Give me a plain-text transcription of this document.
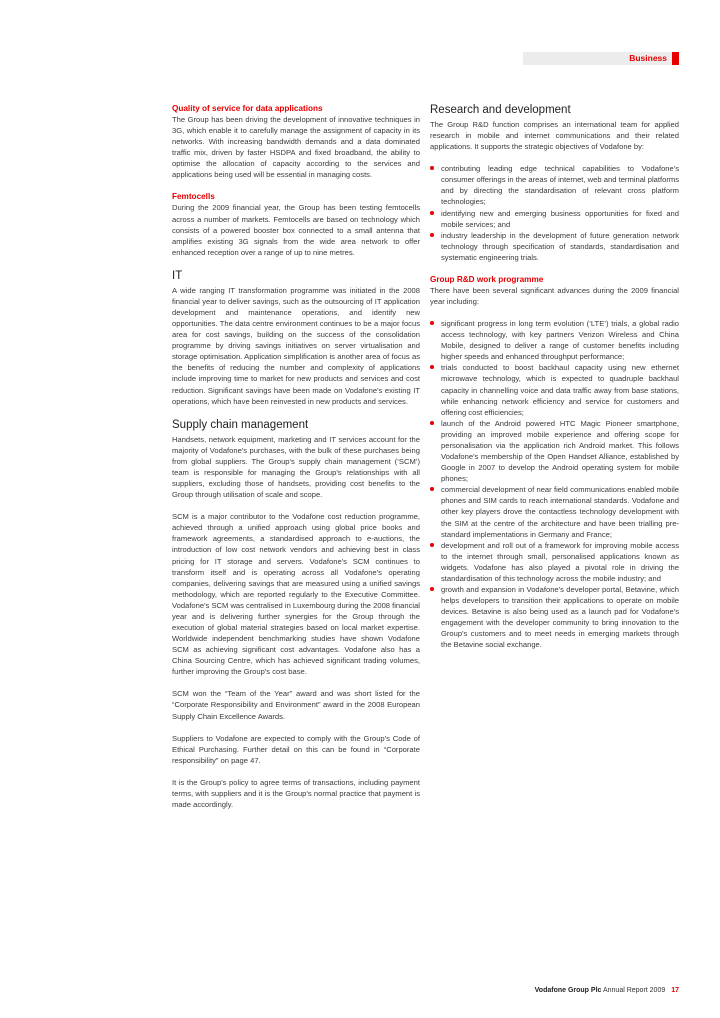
Business
Quality of service for data applications

The Group has been driving the development of innovative techniques in 3G, which enable it to carefully manage the assignment of capacity in its networks. With increasing bandwidth demands and a data dominated traffic mix, driven by faster HSDPA and fixed broadband, the ability to optimise the allocation of capacity according to the services and applications being used will be essential in managing costs.

Femtocells

During the 2009 financial year, the Group has been testing femtocells across a number of markets. Femtocells are based on technology which consists of a powered booster box connected to a small antenna that amplifies existing 3G signals from the wide area network to offer enhanced reception over a range of up to nine metres.

IT

A wide ranging IT transformation programme was initiated in the 2008 financial year to deliver savings, such as the outsourcing of IT application development and maintenance operations, and identify new opportunities. The data centre environment continues to be a major focus area for cost savings, building on the success of the consolidation programme by driving savings initiatives on server virtualisation and storage optimisation. Application simplification is another area of focus as the benefits of reducing the number and complexity of applications include improving time to market for new products and services and cost reduction. Significant savings have been made on Vodafone's existing IT operations, which have been reinvested in new products and services.

Supply chain management

Handsets, network equipment, marketing and IT services account for the majority of Vodafone's purchases, with the bulk of these purchases being from global suppliers. The Group's supply chain management (‘SCM’) team is responsible for managing the Group's relationships with all suppliers, excluding those of handsets, providing cost benefits to the Group through utilisation of scale and scope.

SCM is a major contributor to the Vodafone cost reduction programme, achieved through a unified approach using global price books and framework agreements, a standardised approach to e-auctions, the introduction of low cost network vendors and achieving best in class pricing for IT storage and servers. Vodafone's SCM continues to transform itself and is operating across all Vodafone's operating companies, delivering savings that are measured using a unified savings methodology, which are reported regularly to the Executive Committee. Vodafone's SCM was centralised in Luxembourg during the 2008 financial year and is delivering further synergies for the Group through the execution of global material strategies based on local market expertise. Worldwide independent benchmarking studies have shown Vodafone SCM as achieving significant cost advantages. Vodafone also has a China Sourcing Centre, which has achieved significant trading volumes, further improving the Group's cost base.

SCM won the “Team of the Year” award and was short listed for the “Corporate Responsibility and Environment” award in the 2008 European Supply Chain Excellence Awards.

Suppliers to Vodafone are expected to comply with the Group's Code of Ethical Purchasing. Further detail on this can be found in “Corporate responsibility” on page 47.

It is the Group's policy to agree terms of transactions, including payment terms, with suppliers and it is the Group's normal practice that payment is made accordingly.

Research and development

The Group R&D function comprises an international team for applied research in mobile and internet communications and their related applications. It supports the strategic objectives of Vodafone by:

contributing leading edge technical capabilities to Vodafone's consumer offerings in the areas of internet, web and terminal platforms and by directing the standardisation of relevant cross platform technologies;
identifying new and emerging business opportunities for fixed and mobile services; and
industry leadership in the development of future generation network technology through specification of standards, standardisation and systematic engineering trials.
Group R&D work programme

There have been several significant advances during the 2009 financial year including:

significant progress in long term evolution (‘LTE’) trials, a global radio access technology, with key partners Verizon Wireless and China Mobile, designed to deliver a range of customer benefits including higher speeds and enhanced throughput performance;
trials conducted to boost backhaul capacity using new ethernet microwave technology, which is expected to quadruple backhaul capacity in channelling voice and data traffic away from base stations, while enhancing network efficiency and service for customers and offering cost efficiencies;
launch of the Android powered HTC Magic Pioneer smartphone, providing an improved mobile experience and offering scope for personalisation via the application rich Android market. This follows Vodafone's membership of the Open Handset Alliance, established by Google in 2007 to develop the Android operating system for mobile phones;
commercial development of near field communications enabled mobile phones and SIM cards to reach international standards. Vodafone and other key players drove the contactless technology development with the SIM at the centre of the architecture and have been trialling pre-standard implementations in Germany and France;
development and roll out of a framework for improving mobile access to the internet through small, personalised applications known as widgets. Vodafone has also played a pivotal role in driving the standardisation of this technology across the mobile industry; and
growth and expansion in Vodafone's developer portal, Betavine, which helps developers to transition their applications to operate on mobile devices. Betavine is also being used as a launch pad for Vodafone's engagement with the developer community to bring innovation to the Group's customers and to meet needs in emerging markets through the Betavine social exchange.
Vodafone Group Plc Annual Report 2009 17
